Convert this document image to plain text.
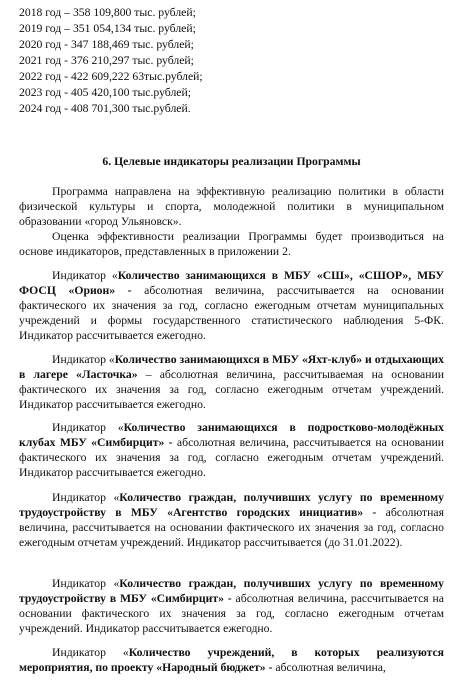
2018 год – 358 109,800 тыс. рублей;
2019 год – 351 054,134 тыс. рублей;
2020 год - 347 188,469 тыс. рублей;
2021 год - 376 210,297 тыс. рублей;
2022 год - 422 609,222 63тыс.рублей;
2023 год - 405 420,100 тыс.рублей;
2024 год - 408 701,300 тыс.рублей.
6. Целевые индикаторы реализации Программы

Программа направлена на эффективную реализацию политики в области физической культуры и спорта, молодежной политики в муниципальном образовании «город Ульяновск».

Оценка эффективности реализации Программы будет производиться на основе индикаторов, представленных в приложении 2.

Индикатор «Количество занимающихся в МБУ «СШ», «СШОР», МБУ ФОСЦ «Орион» - абсолютная величина, рассчитывается на основании фактического их значения за год, согласно ежегодным отчетам муниципальных учреждений и формы государственного статистического наблюдения 5-ФК. Индикатор рассчитывается ежегодно.

Индикатор «Количество занимающихся в МБУ «Яхт-клуб» и отдыхающих в лагере «Ласточка» – абсолютная величина, рассчитываемая на основании фактического их значения за год, согласно ежегодным отчетам учреждений. Индикатор рассчитывается ежегодно.

Индикатор «Количество занимающихся в подростково-молодёжных клубах МБУ «Симбирцит» - абсолютная величина, рассчитывается на основании фактического их значения за год, согласно ежегодным отчетам учреждений. Индикатор рассчитывается ежегодно.

Индикатор «Количество граждан, получивших услугу по временному трудоустройству в МБУ «Агентство городских инициатив» - абсолютная величина, рассчитывается на основании фактического их значения за год, согласно ежегодным отчетам учреждений. Индикатор рассчитывается (до 31.01.2022).

Индикатор «Количество граждан, получивших услугу по временному трудоустройству в МБУ «Симбирцит» - абсолютная величина, рассчитывается на основании фактического их значения за год, согласно ежегодным отчетам учреждений. Индикатор рассчитывается ежегодно.

Индикатор «Количество учреждений, в которых реализуются мероприятия, по проекту «Народный бюджет» - абсолютная величина,
